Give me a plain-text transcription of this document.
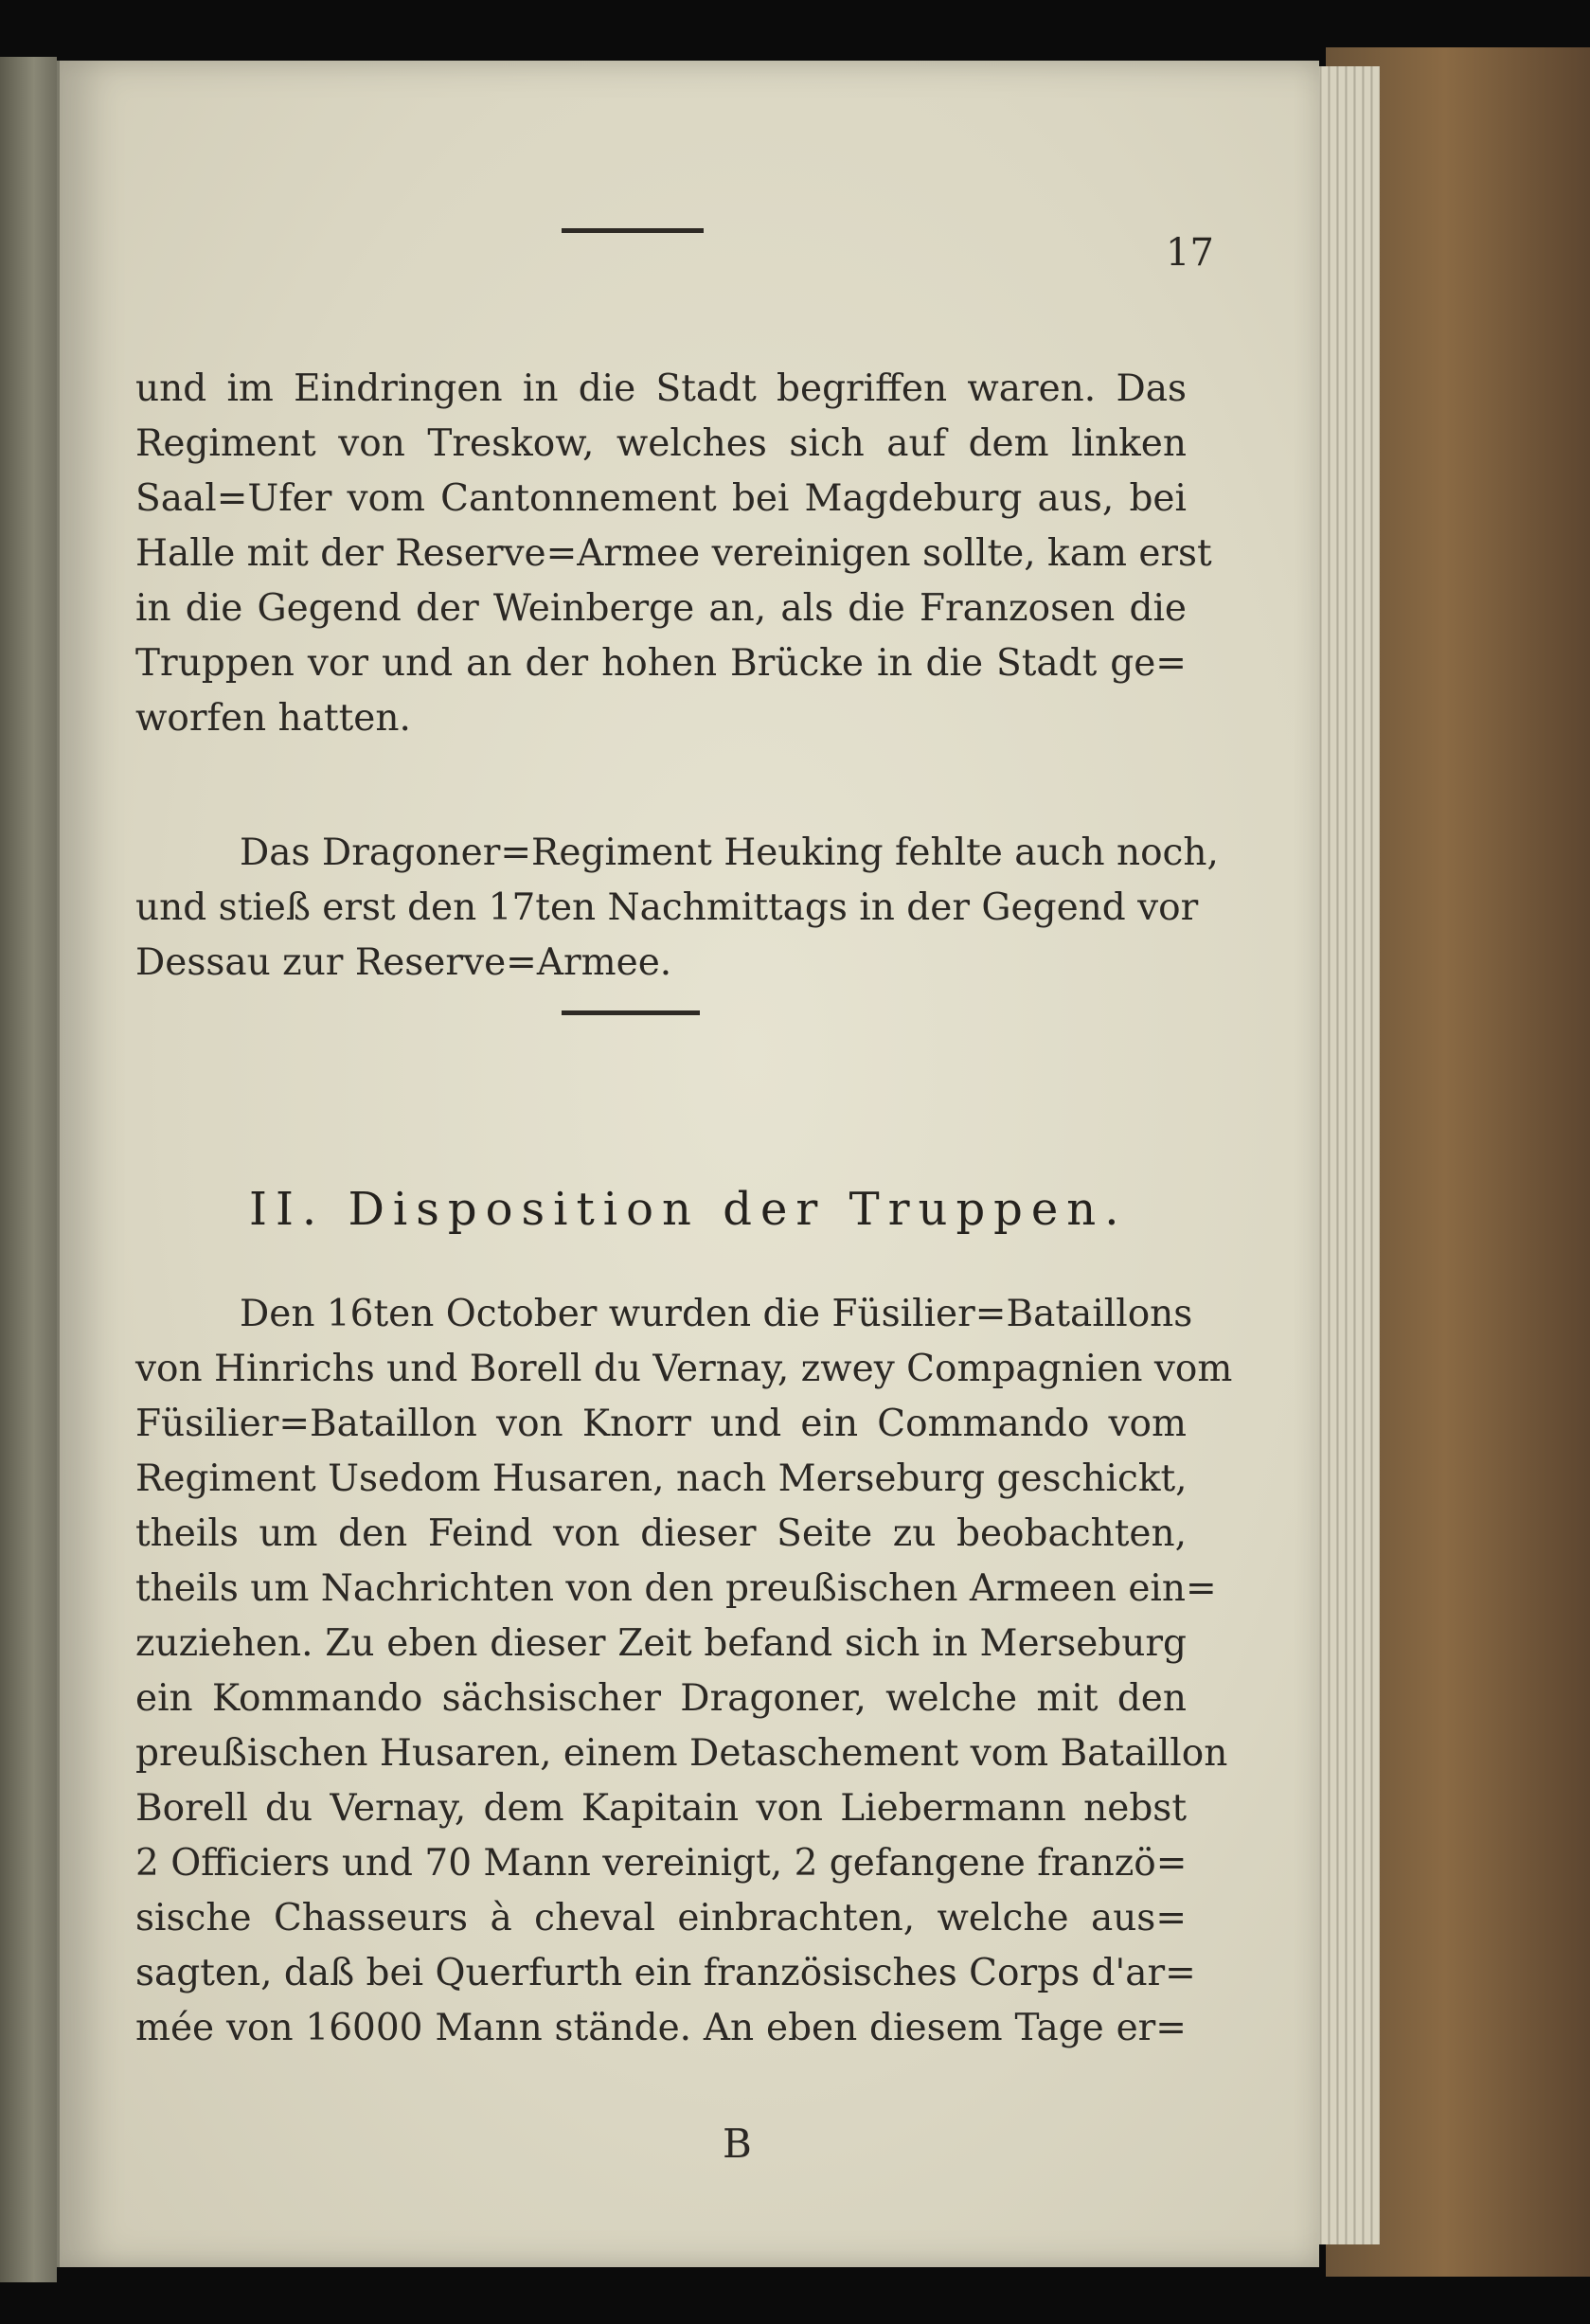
17
und im Eindringen in die Stadt begriffen waren. Das
Regiment von Treskow, welches sich auf dem linken
Saal=Ufer vom Cantonnement bei Magdeburg aus, bei
Halle mit der Reserve=Armee vereinigen sollte, kam erst
in die Gegend der Weinberge an, als die Franzosen die
Truppen vor und an der hohen Brücke in die Stadt ge=
worfen hatten.
Das Dragoner=Regiment Heuking fehlte auch noch,
und stieß erst den 17ten Nachmittags in der Gegend vor
Dessau zur Reserve=Armee.
II. Disposition der Truppen.
Den 16ten October wurden die Füsilier=Bataillons
von Hinrichs und Borell du Vernay, zwey Compagnien vom
Füsilier=Bataillon von Knorr und ein Commando vom
Regiment Usedom Husaren, nach Merseburg geschickt,
theils um den Feind von dieser Seite zu beobachten,
theils um Nachrichten von den preußischen Armeen ein=
zuziehen. Zu eben dieser Zeit befand sich in Merseburg
ein Kommando sächsischer Dragoner, welche mit den
preußischen Husaren, einem Detaschement vom Bataillon
Borell du Vernay, dem Kapitain von Liebermann nebst
2 Officiers und 70 Mann vereinigt, 2 gefangene franzö=
sische Chasseurs à cheval einbrachten, welche aus=
sagten, daß bei Querfurth ein französisches Corps d'ar=
mée von 16000 Mann stände. An eben diesem Tage er=
B
